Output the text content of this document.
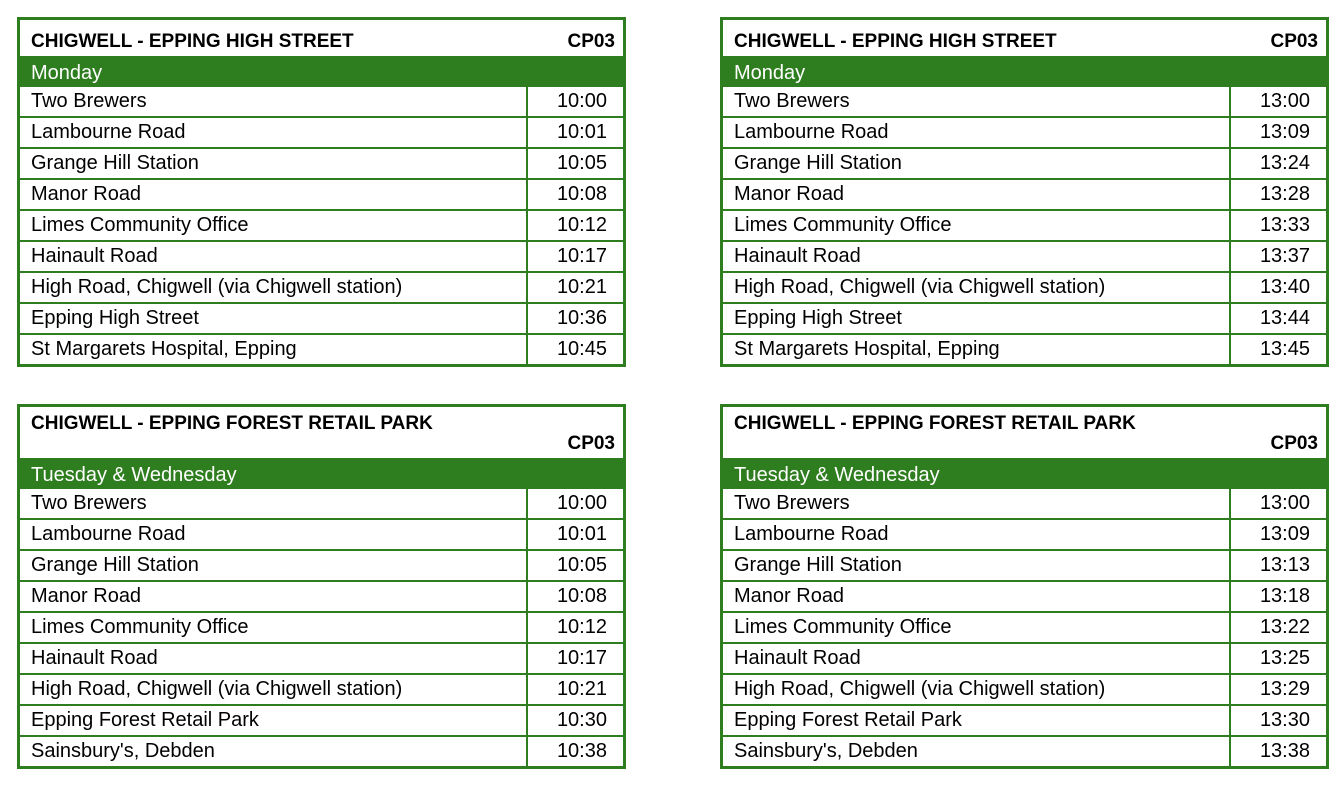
CHIGWELL - EPPING HIGH STREET	CP03
Monday
Two Brewers	10:00
Lambourne Road	10:01
Grange Hill Station	10:05
Manor Road	10:08
Limes Community Office	10:12
Hainault Road	10:17
High Road, Chigwell (via Chigwell station)	10:21
Epping High Street	10:36
St Margarets Hospital, Epping	10:45
CHIGWELL - EPPING HIGH STREET	CP03
Monday
Two Brewers	13:00
Lambourne Road	13:09
Grange Hill Station	13:24
Manor Road	13:28
Limes Community Office	13:33
Hainault Road	13:37
High Road, Chigwell (via Chigwell station)	13:40
Epping High Street	13:44
St Margarets Hospital, Epping	13:45
CHIGWELL - EPPING FOREST RETAIL PARK
CP03
Tuesday & Wednesday
Two Brewers	10:00
Lambourne Road	10:01
Grange Hill Station	10:05
Manor Road	10:08
Limes Community Office	10:12
Hainault Road	10:17
High Road, Chigwell (via Chigwell station)	10:21
Epping Forest Retail Park	10:30
Sainsbury's, Debden	10:38
CHIGWELL - EPPING FOREST RETAIL PARK
CP03
Tuesday & Wednesday
Two Brewers	13:00
Lambourne Road	13:09
Grange Hill Station	13:13
Manor Road	13:18
Limes Community Office	13:22
Hainault Road	13:25
High Road, Chigwell (via Chigwell station)	13:29
Epping Forest Retail Park	13:30
Sainsbury's, Debden	13:38
